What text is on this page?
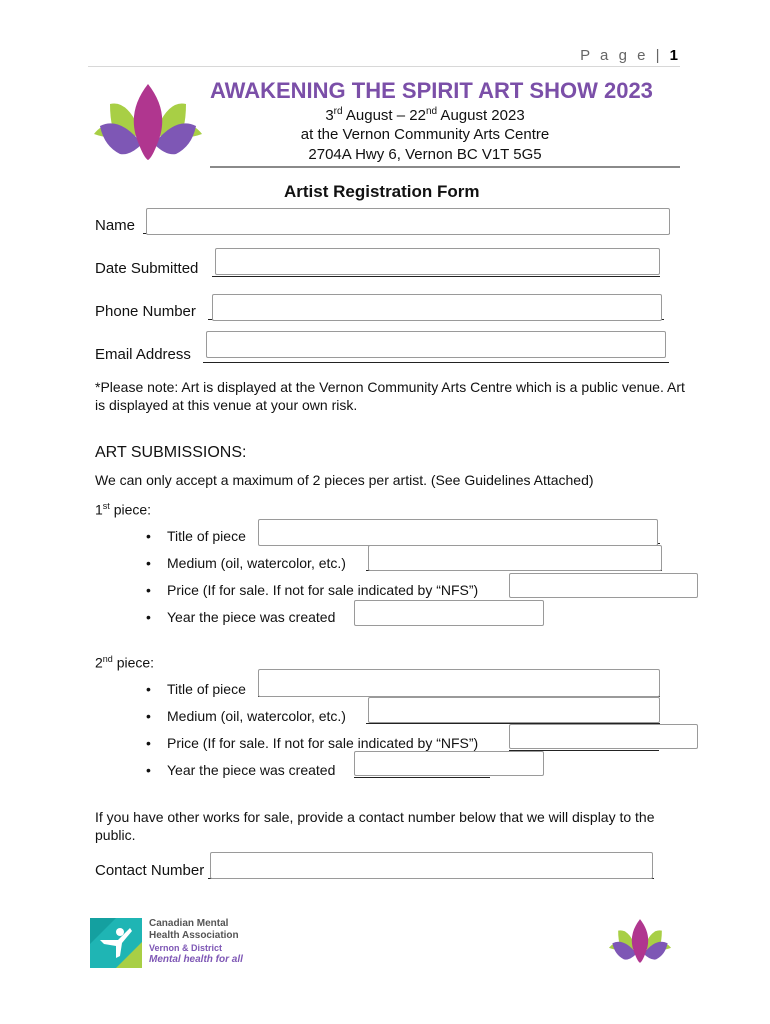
P a g e | 1
AWAKENING THE SPIRIT ART SHOW 2023
3rd August – 22nd August 2023
at the Vernon Community Arts Centre
2704A Hwy 6, Vernon BC V1T 5G5
Artist Registration Form
Name
Date Submitted
Phone Number
Email Address
*Please note: Art is displayed at the Vernon Community Arts Centre which is a public venue. Art is displayed at this venue at your own risk.
ART SUBMISSIONS:
We can only accept a maximum of 2 pieces per artist. (See Guidelines Attached)
1st piece:
• Title of piece
• Medium (oil, watercolor, etc.)
• Price (If for sale. If not for sale indicated by “NFS”)
• Year the piece was created
2nd piece:
• Title of piece
• Medium (oil, watercolor, etc.)
• Price (If for sale. If not for sale indicated by “NFS”)
• Year the piece was created
If you have other works for sale, provide a contact number below that we will display to the public.
Contact Number
Canadian Mental
Health Association
Vernon & District
Mental health for all
